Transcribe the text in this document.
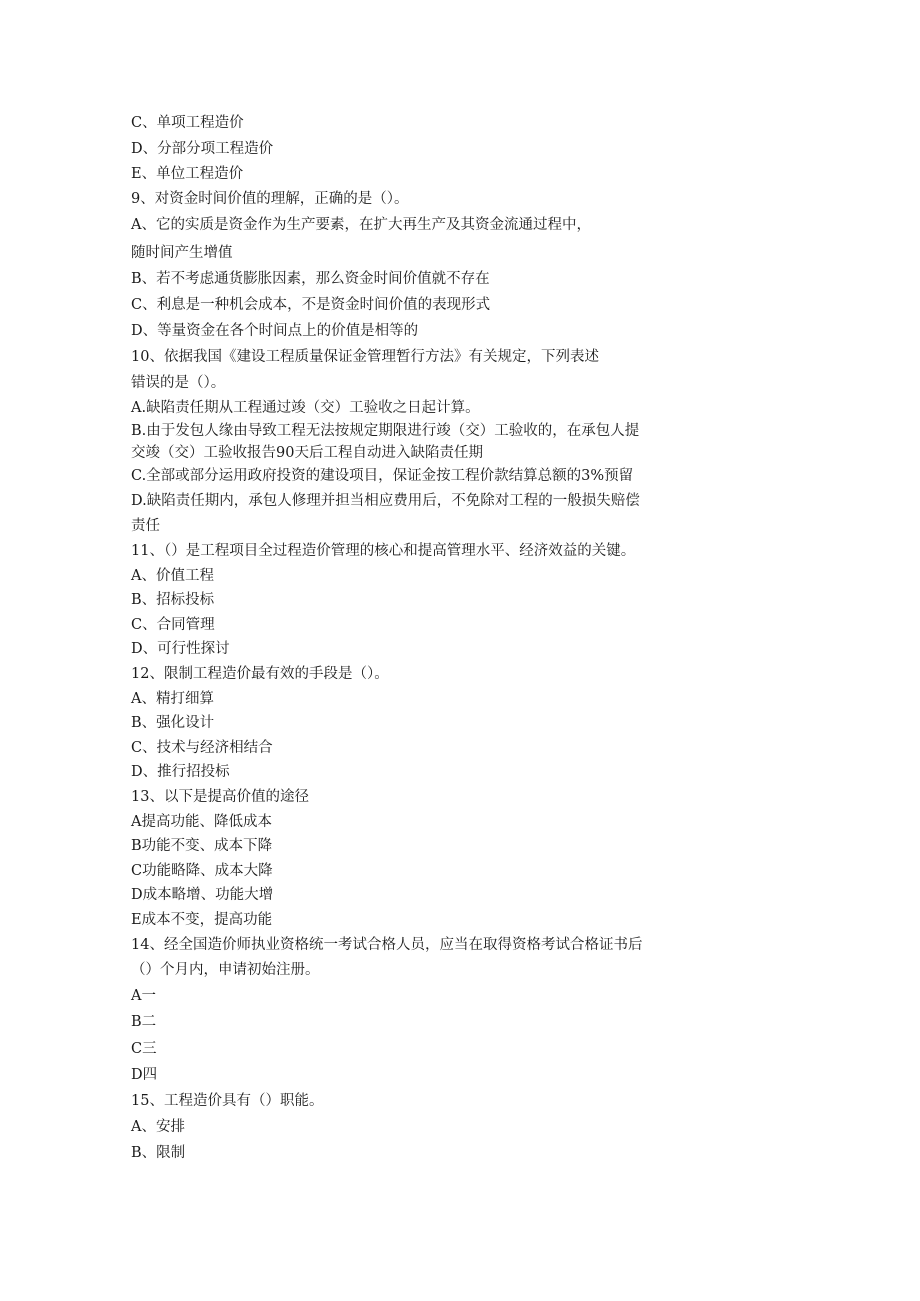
C、单项工程造价
D、分部分项工程造价
E、单位工程造价
9、对资金时间价值的理解，正确的是（）。
A、它的实质是资金作为生产要素，在扩大再生产及其资金流通过程中，
随时间产生增值
B、若不考虑通货膨胀因素，那么资金时间价值就不存在
C、利息是一种机会成本，不是资金时间价值的表现形式
D、等量资金在各个时间点上的价值是相等的
10、依据我国《建设工程质量保证金管理暂行方法》有关规定，下列表述
错误的是（）。
A.缺陷责任期从工程通过竣（交）工验收之日起计算。
B.由于发包人缘由导致工程无法按规定期限进行竣（交）工验收的，在承包人提
交竣（交）工验收报告90天后工程自动进入缺陷责任期
C.全部或部分运用政府投资的建设项目，保证金按工程价款结算总额的3%预留
D.缺陷责任期内，承包人修理并担当相应费用后，不免除对工程的一般损失赔偿
责任
11、（）是工程项目全过程造价管理的核心和提高管理水平、经济效益的关键。
A、价值工程
B、招标投标
C、合同管理
D、可行性探讨
12、限制工程造价最有效的手段是（）。
A、精打细算
B、强化设计
C、技术与经济相结合
D、推行招投标
13、以下是提高价值的途径
A提高功能、降低成本
B功能不变、成本下降
C功能略降、成本大降
D成本略增、功能大增
E成本不变，提高功能
14、经全国造价师执业资格统一考试合格人员，应当在取得资格考试合格证书后
（）个月内，申请初始注册。
A一
B二
C三
D四
15、工程造价具有（）职能。
A、安排
B、限制
